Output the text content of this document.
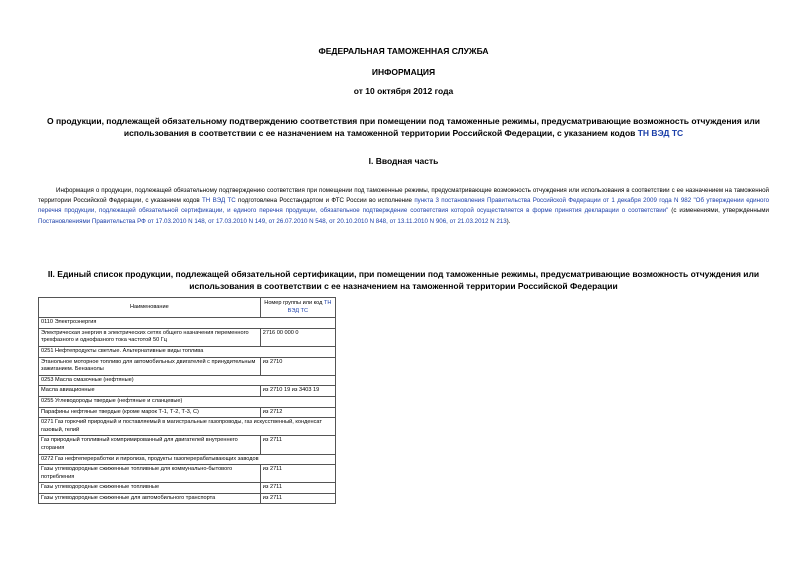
ФЕДЕРАЛЬНАЯ ТАМОЖЕННАЯ СЛУЖБА
ИНФОРМАЦИЯ
от 10 октября 2012 года
О продукции, подлежащей обязательному подтверждению соответствия при помещении под таможенные режимы, предусматривающие возможность отчуждения или использования в соответствии с ее назначением на таможенной территории Российской Федерации, с указанием кодов ТН ВЭД ТС
I. Вводная часть
Информация о продукции, подлежащей обязательному подтверждению соответствия при помещении под таможенные режимы, предусматривающие возможность отчуждения или использования в соответствии с ее назначением на таможенной территории Российской Федерации, с указанием кодов ТН ВЭД ТС подготовлена Росстандартом и ФТС России во исполнение пункта 3 постановления Правительства Российской Федерации от 1 декабря 2009 года N 982 "Об утверждении единого перечня продукции, подлежащей обязательной сертификации, и единого перечня продукции, обязательное подтверждение соответствия которой осуществляется в форме принятия декларации о соответствии" (с изменениями, утвержденными Постановлениями Правительства РФ от 17.03.2010 N 148, от 17.03.2010 N 149, от 26.07.2010 N 548, от 20.10.2010 N 848, от 13.11.2010 N 906, от 21.03.2012 N 213).
II. Единый список продукции, подлежащей обязательной сертификации, при помещении под таможенные режимы, предусматривающие возможность отчуждения или использования в соответствии с ее назначением на таможенной территории Российской Федерации
Наименование	Номер группы или код ТН ВЭД ТС
0110 Электроэнергия	
Электрическая энергия в электрических сетях общего назначения переменного трехфазного и однофазного тока частотой 50 Гц	2716 00 000 0
0251 Нефтепродукты светлые. Альтернативные виды топлива	
Этанольное моторное топливо для автомобильных двигателей с принудительным зажиганием. Бензанолы	из 2710
0253 Масла смазочные (нефтяные)	
Масла авиационные	из 2710 19 из 3403 19
0255 Углеводороды твердые (нефтяные и сланцевые)	
Парафины нефтяные твердые (кроме марок Т-1, Т-2, Т-3, С)	из 2712
0271 Газ горючий природный и поставляемый в магистральные газопроводы, газ искусственный, конденсат газовый, гелий	
Газ природный топливный компримированный для двигателей внутреннего сгорания	из 2711
0272 Газ нефтепереработки и пиролиза, продукты газоперерабатывающих заводов	
Газы углеводородные сжиженные топливные для коммунально-бытового потребления	из 2711
Газы углеводородные сжиженные топливные	из 2711
Газы углеводородные сжиженные для автомобильного транспорта	из 2711
